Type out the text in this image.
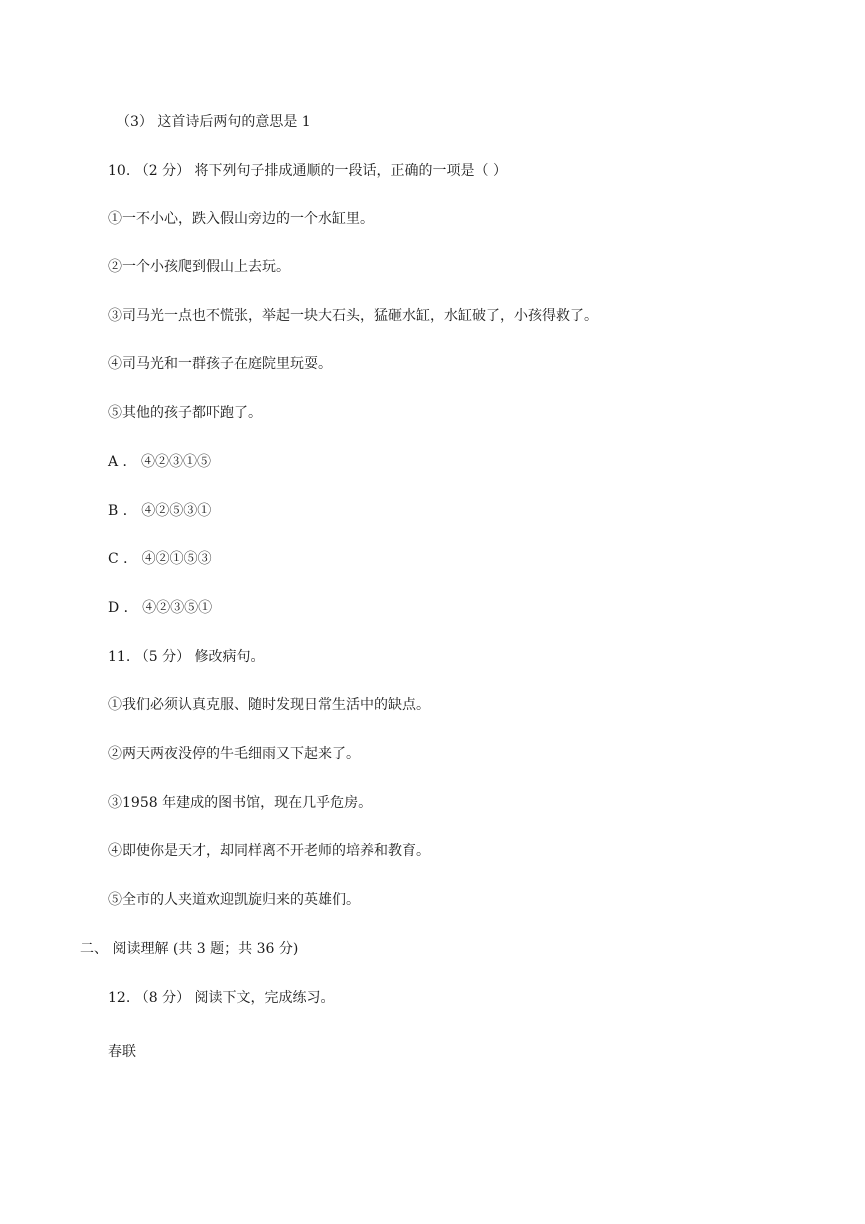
（3） 这首诗后两句的意思是 1
10. （2 分） 将下列句子排成通顺的一段话，正确的一项是（ ）
①一不小心，跌入假山旁边的一个水缸里。
②一个小孩爬到假山上去玩。
③司马光一点也不慌张，举起一块大石头，猛砸水缸，水缸破了，小孩得救了。
④司马光和一群孩子在庭院里玩耍。
⑤其他的孩子都吓跑了。
A ． ④②③①⑤
B ． ④②⑤③①
C ． ④②①⑤③
D ． ④②③⑤①
11. （5 分） 修改病句。
①我们必须认真克服、随时发现日常生活中的缺点。
②两天两夜没停的牛毛细雨又下起来了。
③1958 年建成的图书馆，现在几乎危房。
④即使你是天才，却同样离不开老师的培养和教育。
⑤全市的人夹道欢迎凯旋归来的英雄们。
二、 阅读理解 (共 3 题；共 36 分)
12. （8 分） 阅读下文，完成练习。
春联
